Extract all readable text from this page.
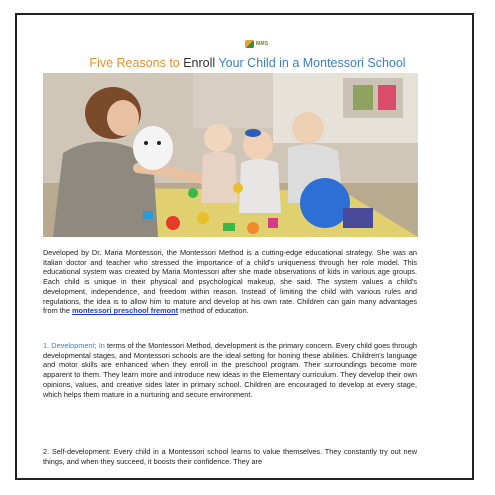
MMS
Five Reasons to Enroll Your Child in a Montessori School
Developed by Dr. Maria Montessori, the Montessori Method is a cutting-edge educational strategy. She was an Italian doctor and teacher who stressed the importance of a child's uniqueness through her role model. This educational system was created by Maria Montessori after she made observations of kids in various age groups. Each child is unique in their physical and psychological makeup, she said. The system values a child's development, independence, and freedom within reason. Instead of limiting the child with various rules and regulations, the idea is to allow him to mature and develop at his own rate. Children can gain many advantages from the montessori preschool fremont method of education.
1. Development; In terms of the Montessori Method, development is the primary concern. Every child goes through developmental stages, and Montessori schools are the ideal setting for honing these abilities. Children's language and motor skills are enhanced when they enroll in the preschool program. Their surroundings become more apparent to them. They learn more and introduce new ideas in the Elementary curriculum. They develop their own opinions, values, and creative sides later in primary school. Children are encouraged to develop at every stage, which helps them mature in a nurturing and secure environment.
2. Self-development: Every child in a Montessori school learns to value themselves. They constantly try out new things, and when they succeed, it boosts their confidence. They are
